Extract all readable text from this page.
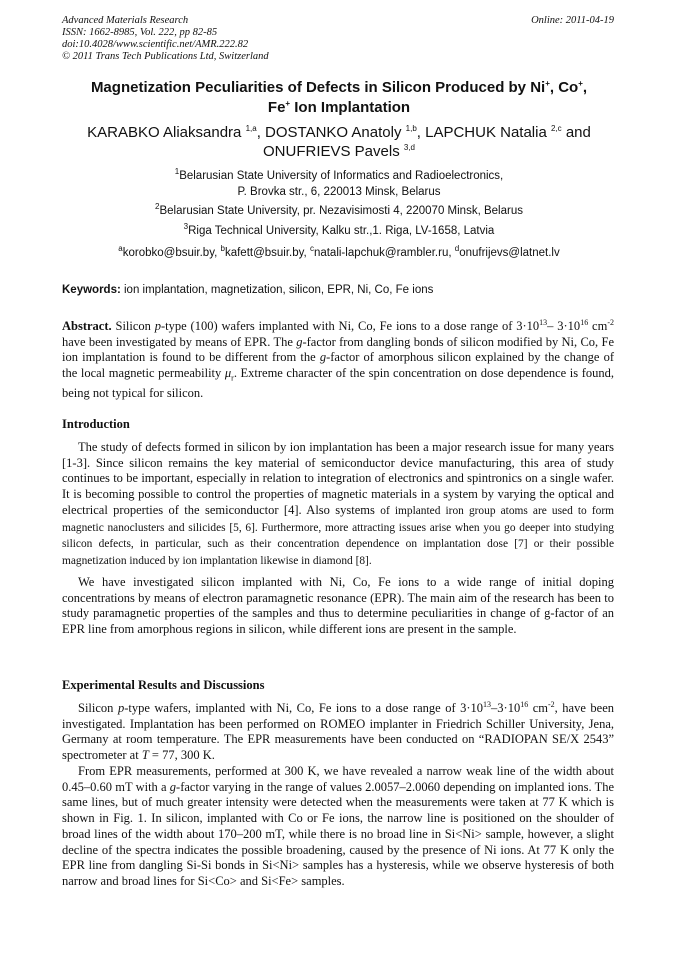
Advanced Materials Research
ISSN: 1662-8985, Vol. 222, pp 82-85
doi:10.4028/www.scientific.net/AMR.222.82
© 2011 Trans Tech Publications Ltd, Switzerland
Online: 2011-04-19
Magnetization Peculiarities of Defects in Silicon Produced by Ni+, Co+,
Fe+ Ion Implantation
KARABKO Aliaksandra $^{1,a}$, DOSTANKO Anatoly $^{1,b}$, LAPCHUK Natalia $^{2,c}$ and
ONUFRIEVS Pavels $^{3,d}$
$^1$Belarusian State University of Informatics and Radioelectronics,
P. Brovka str., 6, 220013 Minsk, Belarus
$^2$Belarusian State University, pr. Nezavisimosti 4, 220070 Minsk, Belarus
$^3$Riga Technical University, Kalku str.,1. Riga, LV-1658, Latvia
$^a$korobko@bsuir.by, $^b$kafett@bsuir.by, $^c$natali-lapchuk@rambler.ru, $^d$onufrijevs@latnet.lv
Keywords: ion implantation, magnetization, silicon, EPR, Ni, Co, Fe ions
Abstract. Silicon p-type (100) wafers implanted with Ni, Co, Fe ions to a dose range of $3\cdot 10^{13}-$ $3\cdot 10^{16}$ $cm^{-2}$ have been investigated by means of EPR. The g-factor from dangling bonds of silicon modified by Ni, Co, Fe ion implantation is found to be different from the g-factor of amorphous silicon explained by the change of the local magnetic permeability $\mu_r$. Extreme character of the spin concentration on dose dependence is found, being not typical for silicon.
Introduction

The study of defects formed in silicon by ion implantation has been a major research issue for many years [1-3]. Since silicon remains the key material of semiconductor device manufacturing, this area of study continues to be important, especially in relation to integration of electronics and spintronics on a single wafer. It is becoming possible to control the properties of magnetic materials in a system by varying the optical and electrical properties of the semiconductor [4]. Also systems of implanted iron group atoms are used to form magnetic nanoclusters and silicides [5, 6]. Furthermore, more attracting issues arise when you go deeper into studying silicon defects, in particular, such as their concentration dependence on implantation dose [7] or their possible magnetization induced by ion implantation likewise in diamond [8].

We have investigated silicon implanted with Ni, Co, Fe ions to a wide range of initial doping concentrations by means of electron paramagnetic resonance (EPR). The main aim of the research has been to study paramagnetic properties of the samples and thus to determine peculiarities in change of g-factor of an EPR line from amorphous regions in silicon, while different ions are present in the sample.

Experimental Results and Discussions

Silicon p-type wafers, implanted with Ni, Co, Fe ions to a dose range of $3\cdot 10^{13}-3\cdot 10^{16}$ $cm^{-2}$, have been investigated. Implantation has been performed on ROMEO implanter in Friedrich Schiller University, Jena, Germany at room temperature. The EPR measurements have been conducted on “RADIOPAN SE/X 2543” spectrometer at T = 77, 300 K.

From EPR measurements, performed at 300 K, we have revealed a narrow weak line of the width about 0.45–0.60 mT with a g-factor varying in the range of values 2.0057–2.0060 depending on implanted ions. The same lines, but of much greater intensity were detected when the measurements were taken at 77 K which is shown in Fig. 1. In silicon, implanted with Co or Fe ions, the narrow line is positioned on the shoulder of broad lines of the width about 170–200 mT, while there is no broad line in Si<Ni> sample, however, a slight decline of the spectra indicates the possible broadening, caused by the presence of Ni ions. At 77 K only the EPR line from dangling Si-Si bonds in Si<Ni> samples has a hysteresis, while we observe hysteresis of both narrow and broad lines for Si<Co> and Si<Fe> samples.
